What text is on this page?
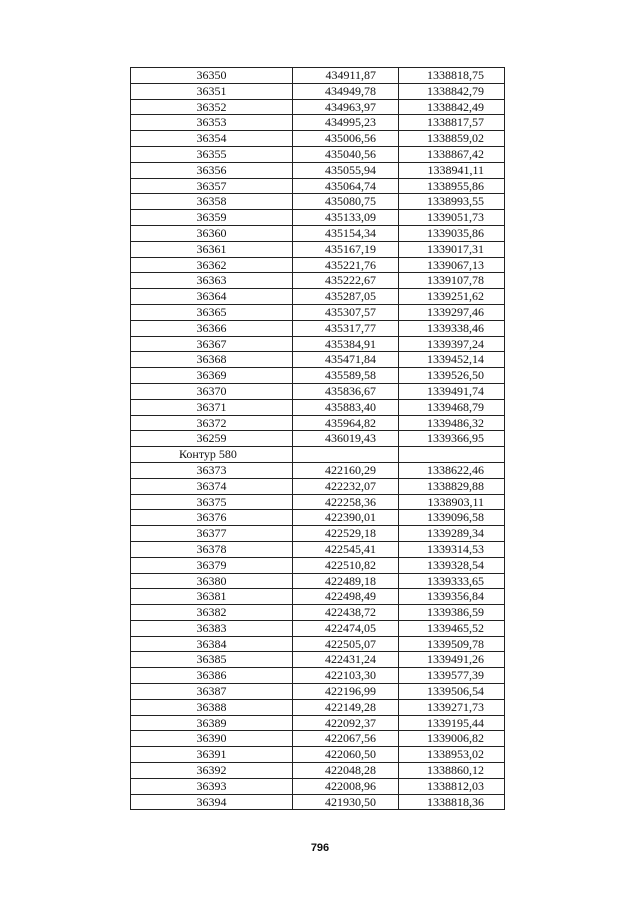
36350	434911,87	1338818,75
36351	434949,78	1338842,79
36352	434963,97	1338842,49
36353	434995,23	1338817,57
36354	435006,56	1338859,02
36355	435040,56	1338867,42
36356	435055,94	1338941,11
36357	435064,74	1338955,86
36358	435080,75	1338993,55
36359	435133,09	1339051,73
36360	435154,34	1339035,86
36361	435167,19	1339017,31
36362	435221,76	1339067,13
36363	435222,67	1339107,78
36364	435287,05	1339251,62
36365	435307,57	1339297,46
36366	435317,77	1339338,46
36367	435384,91	1339397,24
36368	435471,84	1339452,14
36369	435589,58	1339526,50
36370	435836,67	1339491,74
36371	435883,40	1339468,79
36372	435964,82	1339486,32
36259	436019,43	1339366,95
Контур 580		
36373	422160,29	1338622,46
36374	422232,07	1338829,88
36375	422258,36	1338903,11
36376	422390,01	1339096,58
36377	422529,18	1339289,34
36378	422545,41	1339314,53
36379	422510,82	1339328,54
36380	422489,18	1339333,65
36381	422498,49	1339356,84
36382	422438,72	1339386,59
36383	422474,05	1339465,52
36384	422505,07	1339509,78
36385	422431,24	1339491,26
36386	422103,30	1339577,39
36387	422196,99	1339506,54
36388	422149,28	1339271,73
36389	422092,37	1339195,44
36390	422067,56	1339006,82
36391	422060,50	1338953,02
36392	422048,28	1338860,12
36393	422008,96	1338812,03
36394	421930,50	1338818,36
796
